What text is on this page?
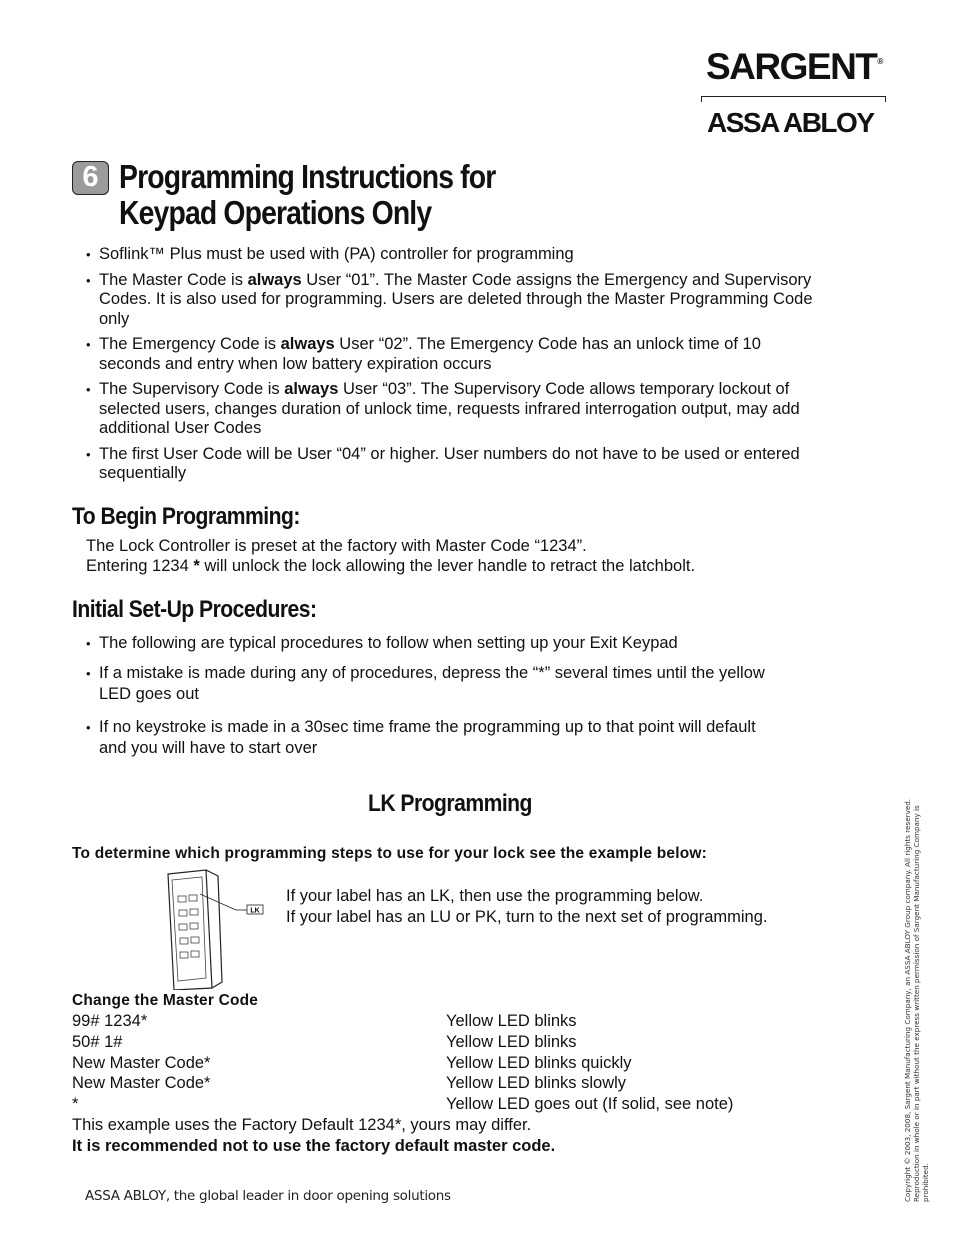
SARGENT®
ASSA ABLOY
6 Programming Instructions for
Keypad Operations Only
• Soflink™ Plus must be used with (PA) controller for programming
• The Master Code is always User “01”. The Master Code assigns the Emergency and Supervisory Codes. It is also used for programming. Users are deleted through the Master Programming Code only
• The Emergency Code is always User “02”. The Emergency Code has an unlock time of 10 seconds and entry when low battery expiration occurs
• The Supervisory Code is always User “03”. The Supervisory Code allows temporary lockout of selected users, changes duration of unlock time, requests infrared interrogation output, may add additional User Codes
• The first User Code will be User “04” or higher. User numbers do not have to be used or entered sequentially
To Begin Programming:
The Lock Controller is preset at the factory with Master Code “1234”.
Entering 1234 * will unlock the lock allowing the lever handle to retract the latchbolt.
Initial Set-Up Procedures:
• The following are typical procedures to follow when setting up your Exit Keypad
• If a mistake is made during any of procedures, depress the “*” several times until the yellow LED goes out
• If no keystroke is made in a 30sec time frame the programming up to that point will default and you will have to start over
LK Programming
To determine which programming steps to use for your lock see the example below:
LK
If your label has an LK, then use the programming below.
If your label has an LU or PK, turn to the next set of programming.
Change the Master Code
99# 1234*	Yellow LED blinks
50# 1#	Yellow LED blinks
New Master Code*	Yellow LED blinks quickly
New Master Code*	Yellow LED blinks slowly
*	Yellow LED goes out (If solid, see note)
This example uses the Factory Default 1234*, yours may differ.
It is recommended not to use the factory default master code.	Copyright © 2003, 2008, Sargent Manufacturing Company, an ASSA ABLOY Group company. All rights reserved. Reproduction in whole or in part without the express written permission of Sargent Manufacturing Company is prohibited.
ASSA ABLOY, the global leader in door opening solutions
